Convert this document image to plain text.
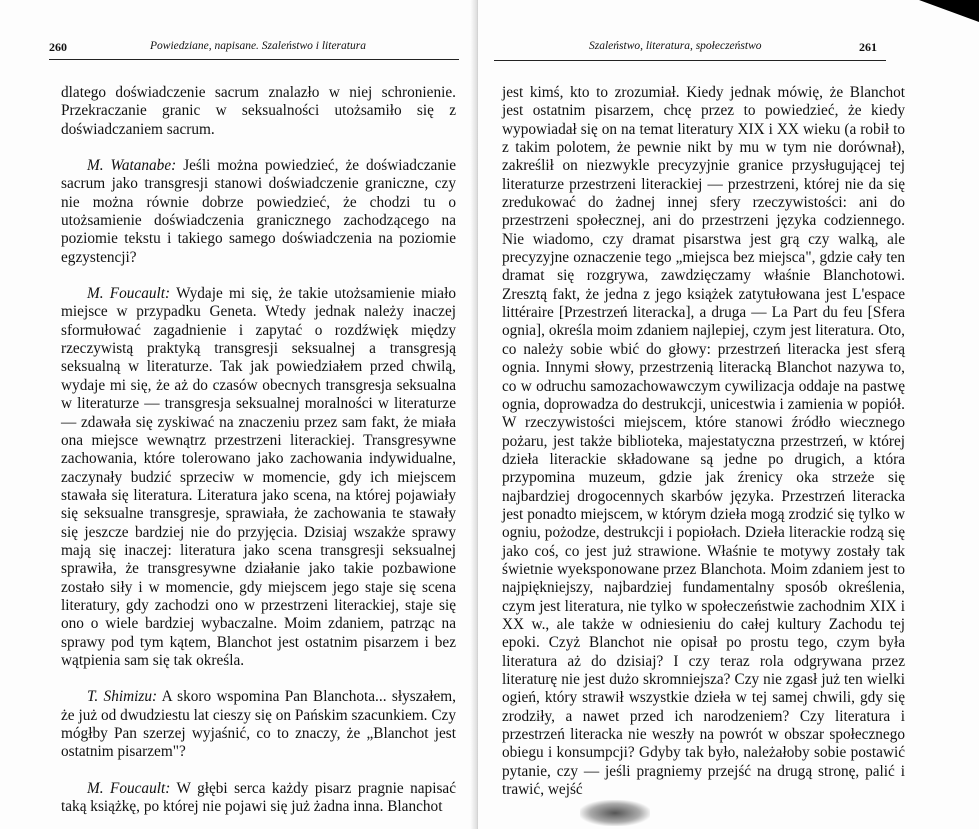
260	Powiedziane, napisane. Szaleństwo i literatura

dlatego doświadczenie sacrum znalazło w niej schronienie. Przekraczanie granic w seksualności utożsamiło się z doświadczaniem sacrum.

M. Watanabe: Jeśli można powiedzieć, że doświadczanie sacrum jako transgresji stanowi doświadczenie graniczne, czy nie można równie dobrze powiedzieć, że chodzi tu o utożsamienie doświadczenia granicznego zachodzącego na poziomie tekstu i takiego samego doświadczenia na poziomie egzystencji?

M. Foucault: Wydaje mi się, że takie utożsamienie miało miejsce w przypadku Geneta. Wtedy jednak należy inaczej sformułować zagadnienie i zapytać o rozdźwięk między rzeczywistą praktyką transgresji seksualnej a transgresją seksualną w literaturze. Tak jak powiedziałem przed chwilą, wydaje mi się, że aż do czasów obecnych transgresja seksualna w literaturze — transgresja seksualnej moralności w literaturze — zdawała się zyskiwać na znaczeniu przez sam fakt, że miała ona miejsce wewnątrz przestrzeni literackiej. Transgresywne zachowania, które tolerowano jako zachowania indywidualne, zaczynały budzić sprzeciw w momencie, gdy ich miejscem stawała się literatura. Literatura jako scena, na której pojawiały się seksualne transgresje, sprawiała, że zachowania te stawały się jeszcze bardziej nie do przyjęcia. Dzisiaj wszakże sprawy mają się inaczej: literatura jako scena transgresji seksualnej sprawiła, że transgresywne działanie jako takie pozbawione zostało siły i w momencie, gdy miejscem jego staje się scena literatury, gdy zachodzi ono w przestrzeni literackiej, staje się ono o wiele bardziej wybaczalne. Moim zdaniem, patrząc na sprawy pod tym kątem, Blanchot jest ostatnim pisarzem i bez wątpienia sam się tak określa.

T. Shimizu: A skoro wspomina Pan Blanchota... słyszałem, że już od dwudziestu lat cieszy się on Pańskim szacunkiem. Czy mógłby Pan szerzej wyjaśnić, co to znaczy, że „Blanchot jest ostatnim pisarzem"?

M. Foucault: W głębi serca każdy pisarz pragnie napisać taką książkę, po której nie pojawi się już żadna inna. Blanchot

Szaleństwo, literatura, społeczeństwo	261

jest kimś, kto to zrozumiał. Kiedy jednak mówię, że Blanchot jest ostatnim pisarzem, chcę przez to powiedzieć, że kiedy wypowiadał się on na temat literatury XIX i XX wieku (a robił to z takim polotem, że pewnie nikt by mu w tym nie dorównał), zakreślił on niezwykle precyzyjnie granice przysługującej tej literaturze przestrzeni literackiej — przestrzeni, której nie da się zredukować do żadnej innej sfery rzeczywistości: ani do przestrzeni społecznej, ani do przestrzeni języka codziennego. Nie wiadomo, czy dramat pisarstwa jest grą czy walką, ale precyzyjne oznaczenie tego „miejsca bez miejsca", gdzie cały ten dramat się rozgrywa, zawdzięczamy właśnie Blanchotowi. Zresztą fakt, że jedna z jego książek zatytułowana jest L'espace littéraire [Przestrzeń literacka], a druga — La Part du feu [Sfera ognia], określa moim zdaniem najlepiej, czym jest literatura. Oto, co należy sobie wbić do głowy: przestrzeń literacka jest sferą ognia. Innymi słowy, przestrzenią literacką Blanchot nazywa to, co w odruchu samozachowawczym cywilizacja oddaje na pastwę ognia, doprowadza do destrukcji, unicestwia i zamienia w popiół. W rzeczywistości miejscem, które stanowi źródło wiecznego pożaru, jest także biblioteka, majestatyczna przestrzeń, w której dzieła literackie składowane są jedne po drugich, a która przypomina muzeum, gdzie jak źrenicy oka strzeże się najbardziej drogocennych skarbów języka. Przestrzeń literacka jest ponadto miejscem, w którym dzieła mogą zrodzić się tylko w ogniu, pożodze, destrukcji i popiołach. Dzieła literackie rodzą się jako coś, co jest już strawione. Właśnie te motywy zostały tak świetnie wyeksponowane przez Blanchota. Moim zdaniem jest to najpiękniejszy, najbardziej fundamentalny sposób określenia, czym jest literatura, nie tylko w społeczeństwie zachodnim XIX i XX w., ale także w odniesieniu do całej kultury Zachodu tej epoki. Czyż Blanchot nie opisał po prostu tego, czym była literatura aż do dzisiaj? I czy teraz rola odgrywana przez literaturę nie jest dużo skromniejsza? Czy nie zgasł już ten wielki ogień, który strawił wszystkie dzieła w tej samej chwili, gdy się zrodziły, a nawet przed ich narodzeniem? Czy literatura i przestrzeń literacka nie weszły na powrót w obszar społecznego obiegu i konsumpcji? Gdyby tak było, należałoby sobie postawić pytanie, czy — jeśli pragniemy przejść na drugą stronę, palić i trawić, wejść
